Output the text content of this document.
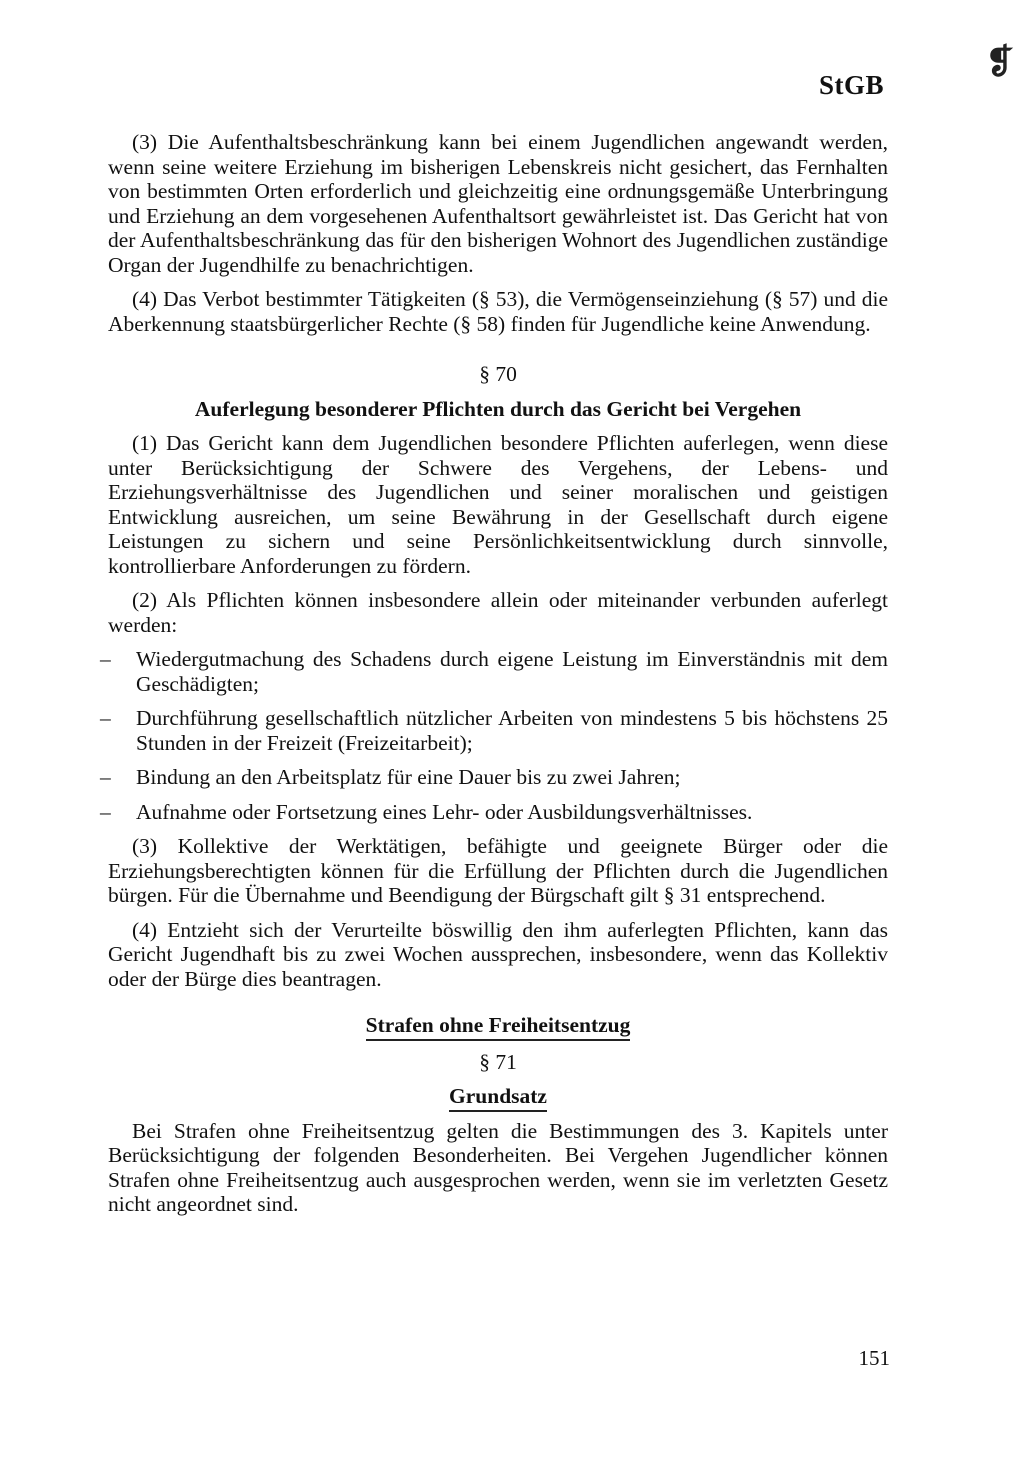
❡
StGB

(3) Die Aufenthaltsbeschränkung kann bei einem Jugendlichen angewandt werden, wenn seine weitere Erziehung im bisherigen Lebenskreis nicht gesichert, das Fernhalten von bestimmten Orten erforderlich und gleichzeitig eine ordnungsgemäße Unterbringung und Erziehung an dem vorgesehenen Aufenthaltsort gewährleistet ist. Das Gericht hat von der Aufenthaltsbeschränkung das für den bisherigen Wohnort des Jugendlichen zuständige Organ der Jugendhilfe zu benachrichtigen.

(4) Das Verbot bestimmter Tätigkeiten (§ 53), die Vermögenseinziehung (§ 57) und die Aberkennung staatsbürgerlicher Rechte (§ 58) finden für Jugendliche keine Anwendung.

§ 70
Auferlegung besonderer Pflichten durch das Gericht bei Vergehen

(1) Das Gericht kann dem Jugendlichen besondere Pflichten auferlegen, wenn diese unter Berücksichtigung der Schwere des Vergehens, der Lebens- und Erziehungsverhältnisse des Jugendlichen und seiner moralischen und geistigen Entwicklung ausreichen, um seine Bewährung in der Gesellschaft durch eigene Leistungen zu sichern und seine Persönlichkeitsentwicklung durch sinnvolle, kontrollierbare Anforderungen zu fördern.

(2) Als Pflichten können insbesondere allein oder miteinander verbunden auferlegt werden:

– Wiedergutmachung des Schadens durch eigene Leistung im Einverständnis mit dem Geschädigten;
– Durchführung gesellschaftlich nützlicher Arbeiten von mindestens 5 bis höchstens 25 Stunden in der Freizeit (Freizeitarbeit);
– Bindung an den Arbeitsplatz für eine Dauer bis zu zwei Jahren;
– Aufnahme oder Fortsetzung eines Lehr- oder Ausbildungsverhältnisses.

(3) Kollektive der Werktätigen, befähigte und geeignete Bürger oder die Erziehungsberechtigten können für die Erfüllung der Pflichten durch die Jugendlichen bürgen. Für die Übernahme und Beendigung der Bürgschaft gilt § 31 entsprechend.

(4) Entzieht sich der Verurteilte böswillig den ihm auferlegten Pflichten, kann das Gericht Jugendhaft bis zu zwei Wochen aussprechen, insbesondere, wenn das Kollektiv oder der Bürge dies beantragen.

Strafen ohne Freiheitsentzug
§ 71
Grundsatz

Bei Strafen ohne Freiheitsentzug gelten die Bestimmungen des 3. Kapitels unter Berücksichtigung der folgenden Besonderheiten. Bei Vergehen Jugendlicher können Strafen ohne Freiheitsentzug auch ausgesprochen werden, wenn sie im verletzten Gesetz nicht angeordnet sind.

151
